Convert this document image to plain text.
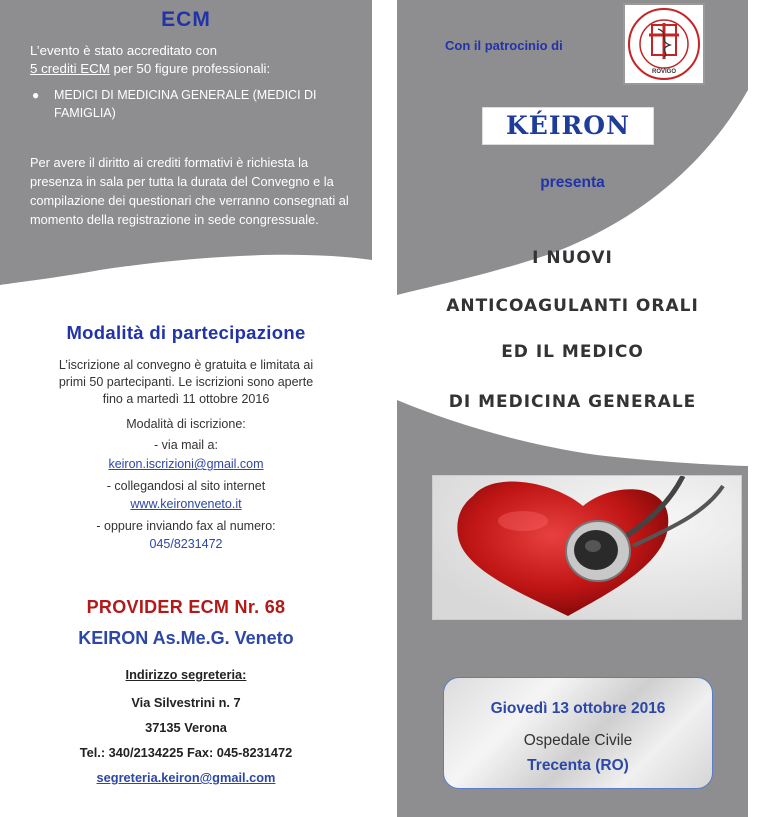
ECM
L’evento è stato accreditato con
5 crediti ECM per 50 figure professionali:
● MEDICI DI MEDICINA GENERALE (MEDICI DI FAMIGLIA)
Per avere il diritto ai crediti formativi è richiesta la presenza in sala per tutta la durata del Convegno e la compilazione dei questionari che verranno consegnati al momento della registrazione in sede congressuale.
Modalità di partecipazione
L’iscrizione al convegno è gratuita e limitata ai
primi 50 partecipanti. Le iscrizioni sono aperte
fino a martedì 11 ottobre 2016
Modalità di iscrizione:
- via mail a:
keiron.iscrizioni@gmail.com
- collegandosi al sito internet
www.keironveneto.it
- oppure inviando fax al numero:
045/8231472
PROVIDER ECM Nr. 68
KEIRON As.Me.G. Veneto
Indirizzo segreteria:
Via Silvestrini n. 7
37135 Verona
Tel.: 340/2134225 Fax: 045-8231472
segreteria.keiron@gmail.com
Con il patrocinio di
ROVIGO
KÉIRON
presenta
I NUOVI
ANTICOAGULANTI ORALI
ED IL MEDICO
DI MEDICINA GENERALE
Giovedì 13 ottobre 2016
Ospedale Civile
Trecenta (RO)
